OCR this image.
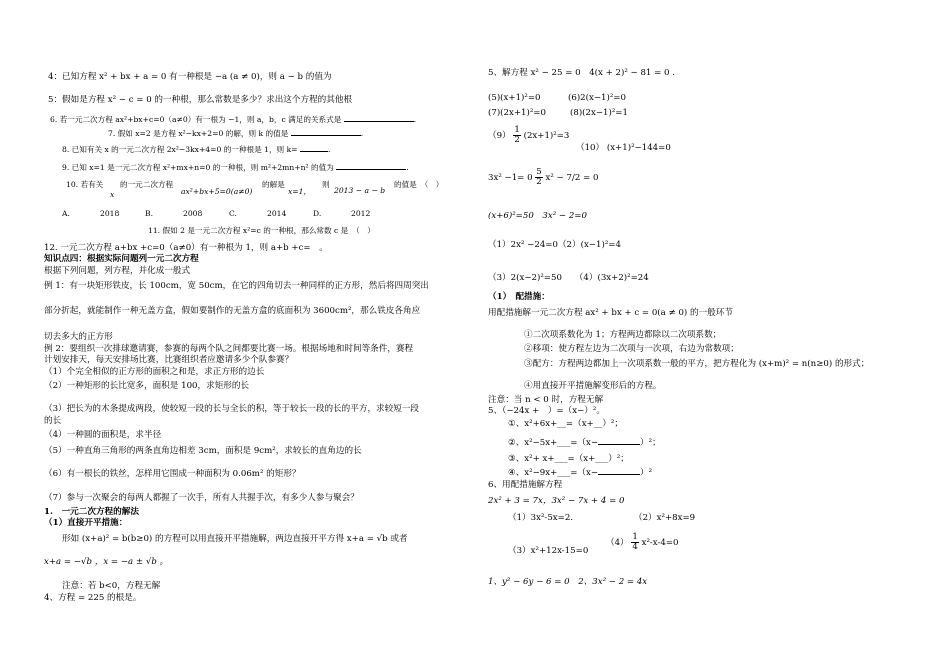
4：已知方程 x² + bx + a = 0 有一种根是 −a (a ≠ 0)，则 a − b 的值为
5：假如是方程 x² − c = 0 的一种根，那么常数是多少？求出这个方程的其他根
6. 若一元二次方程 ax²+bx+c=0（a≠0）有一根为 −1，则 a，b，c 满足的关系式是	.
7. 假如 x=2 是方程 x²−kx+2=0 的解，则 k 的值是	.
8. 已知有关 x 的一元二次方程 2x²−3kx+4=0 的一种根是 1，则 k=	.
9. 已知 x=1 是一元二次方程 x²+mx+n=0 的一种根，则 m²+2mn+n² 的值为	.
10. 若有关
x
的一元二次方程
ax²+bx+5=0(a≠0)
的解是
x=1，
则
2013 − a − b
的值是　（　）
A.	2018	B.	2008	C.	2014	D.	2012
11. 假如 2 是一元二次方程 x²=c 的一种根，那么常数 c 是　（　）
12. 一元二次方程 a+bx +c=0（a≠0）有一种根为 1，则 a+b +c=　。
知识点四：根据实际问题列一元二次方程
根据下列问题，列方程，并化成一般式
例 1：有一块矩形铁皮，长 100cm，宽 50cm，在它的四角切去一种同样的正方形，然后将四周突出
部分折起，就能制作一种无盖方盒，假如要制作的无盖方盒的底面积为 3600cm²，那么铁皮各角应
切去多大的正方形
例 2：要组织一次排球邀请赛，参赛的每两个队之间都要比赛一场。根据场地和时间等条件，赛程
计划安排天，每天安排场比赛，比赛组织者应邀请多少个队参赛？
（1）个完全相似的正方形的面积之和是，求正方形的边长
（2）一种矩形的长比宽多，面积是 100，求矩形的长
（3）把长为的木条提成两段，使较短一段的长与全长的积，等于较长一段的长的平方，求较短一段
的长
（4）一种圆的面积是，求半径
（5）一种直角三角形的两条直角边相差 3cm，面积是 9cm²，求较长的直角边的长
（6）有一根长的铁丝，怎样用它围成一种面积为 0.06m² 的矩形？
（7）参与一次聚会的每两人都握了一次手，所有人共握手次，有多少人参与聚会？
1.　一元二次方程的解法
（1）直接开平措施：
形如 (x+a)² = b(b≥0) 的方程可以用直接开平措施解，两边直接开平方得 x+a = √b 或者
x+a = −√b ，x = −a ± √b 。
注意：若 b<0，方程无解
4、方程 = 225 的根是。
5、解方程 x² − 25 = 0　4(x + 2)² − 81 = 0 .
(5)(x+1)²=0	(6)2(x−1)²=0
(7)(2x+1)²=0	(8)(2x−1)²=1
$(9) \frac{1}{2} (2x+1)^2=3$
（10） (x+1)²−144=0
$3x^2 -1= 0 \frac{5}{2} x^2 - 7/2 = 0$
(x+6)²=50　3x² − 2=0
（1）2x² −24=0（2）(x−1)²=4
（3）2(x−2)²=50　　（4）(3x+2)²=24
（1）　配措施：
用配措施解一元二次方程 ax² + bx + c = 0(a ≠ 0) 的一般环节
①二次项系数化为 1；方程两边都除以二次项系数；
②移项：使方程左边为二次项与一次项，右边为常数项；
③配方：方程两边都加上一次项系数一般的平方，把方程化为 (x+m)² = n(n≥0) 的形式；
④用直接开平措施解变形后的方程。
注意：当 n < 0 时，方程无解
5、（−24x +　）=（x−）²。
①、x²+6x+__=（x+__）²；
②、x²−5x+___=（x−	）²；
③、x²+ x+___=（x+___）²；
④、x²−9x+___=（x−	）²
6、用配措施解方程
2x² + 3 = 7x，3x² − 7x + 4 = 0
（1）3x²-5x=2.	（2）x²+8x=9
（3）x²+12x-15=0
$(4) \frac{1}{4} x^2-x-4=0$
1、y² − 6y − 6 = 0　2、3x² − 2 = 4x
